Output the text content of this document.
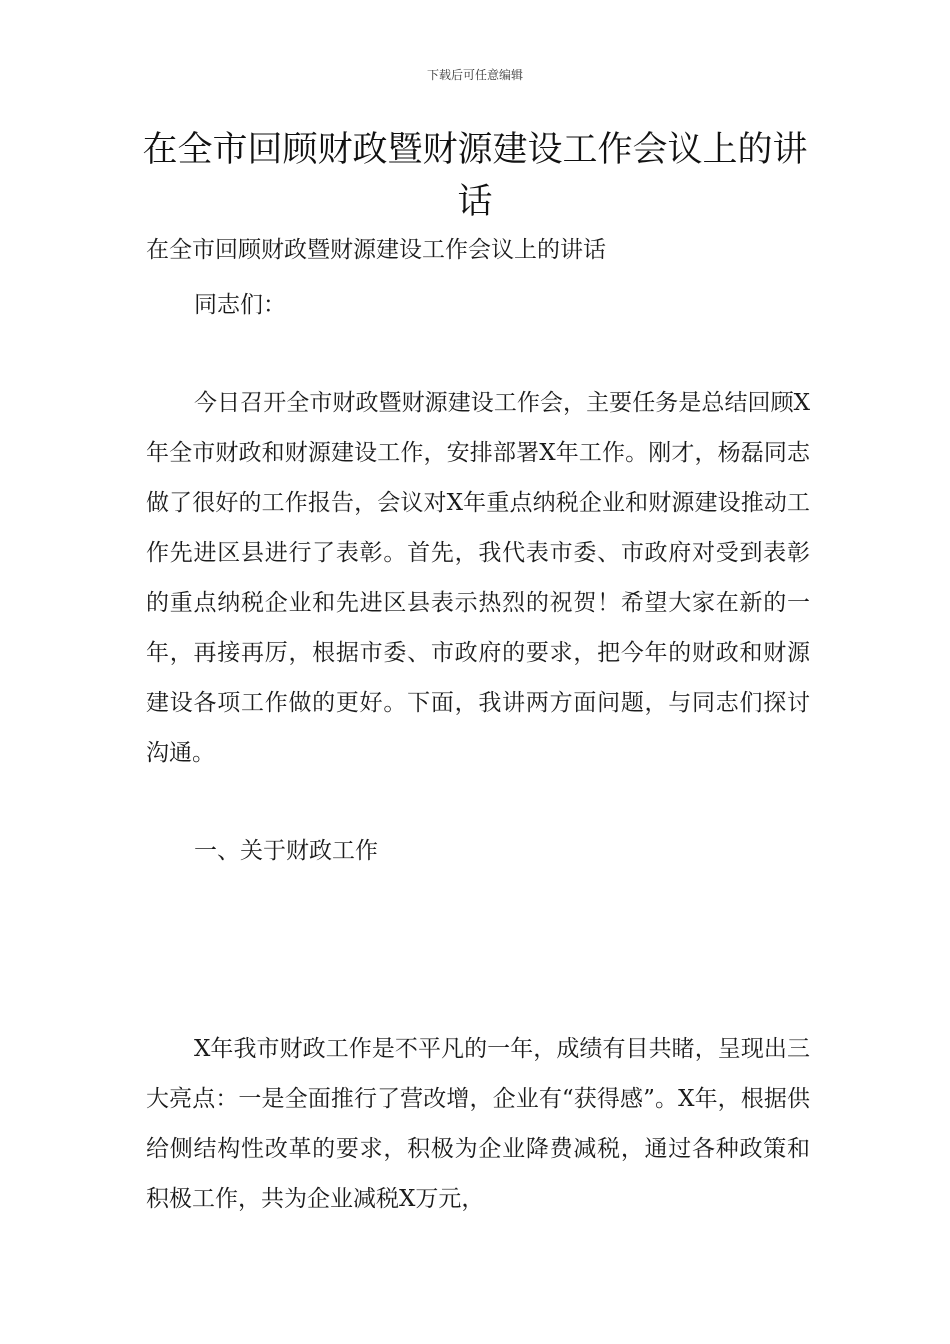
下载后可任意编辑
在全市回顾财政暨财源建设工作会议上的讲话
在全市回顾财政暨财源建设工作会议上的讲话
同志们：
今日召开全市财政暨财源建设工作会，主要任务是总结回顾X年全市财政和财源建设工作，安排部署X年工作。刚才，杨磊同志做了很好的工作报告，会议对X年重点纳税企业和财源建设推动工作先进区县进行了表彰。首先，我代表市委、市政府对受到表彰的重点纳税企业和先进区县表示热烈的祝贺！希望大家在新的一年，再接再厉，根据市委、市政府的要求，把今年的财政和财源建设各项工作做的更好。下面，我讲两方面问题，与同志们探讨沟通。
一、关于财政工作
X年我市财政工作是不平凡的一年，成绩有目共睹，呈现出三大亮点：一是全面推行了营改增，企业有“获得感”。X年，根据供给侧结构性改革的要求，积极为企业降费减税，通过各种政策和积极工作，共为企业减税X万元，
